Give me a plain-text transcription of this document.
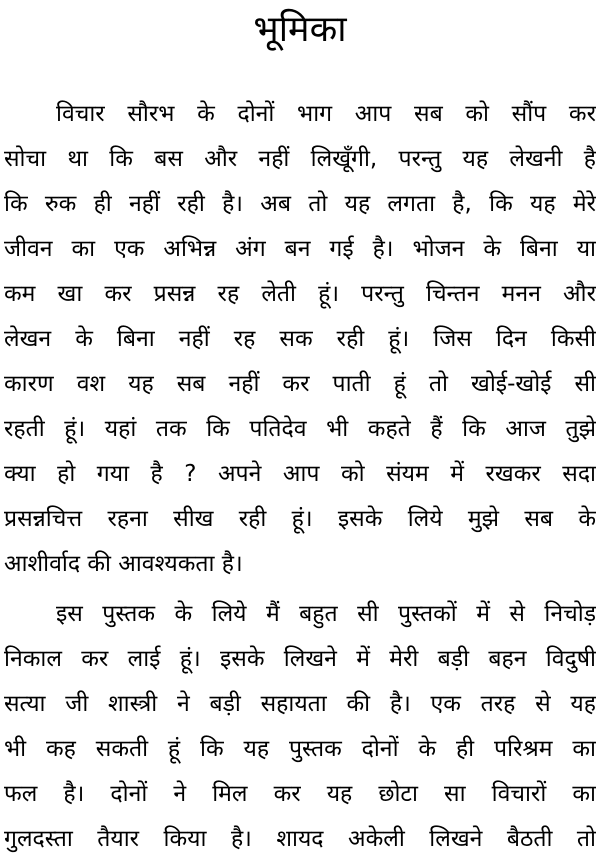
भूमिका
विचार सौरभ के दोनों भाग आप सब को सौंप कर
सोचा था कि बस और नहीं लिखूँगी, परन्तु यह लेखनी है
कि रुक ही नहीं रही है। अब तो यह लगता है, कि यह मेरे
जीवन का एक अभिन्न अंग बन गई है। भोजन के बिना या
कम खा कर प्रसन्न रह लेती हूं। परन्तु चिन्तन मनन और
लेखन के बिना नहीं रह सक रही हूं। जिस दिन किसी
कारण वश यह सब नहीं कर पाती हूं तो खोई-खोई सी
रहती हूं। यहां तक कि पतिदेव भी कहते हैं कि आज तुझे
क्या हो गया है ? अपने आप को संयम में रखकर सदा
प्रसन्नचित्त रहना सीख रही हूं। इसके लिये मुझे सब के
आशीर्वाद की आवश्यकता है।
इस पुस्तक के लिये मैं बहुत सी पुस्तकों में से निचोड़
निकाल कर लाई हूं। इसके लिखने में मेरी बड़ी बहन विदुषी
सत्या जी शास्त्री ने बड़ी सहायता की है। एक तरह से यह
भी कह सकती हूं कि यह पुस्तक दोनों के ही परिश्रम का
फल है। दोनों ने मिल कर यह छोटा सा विचारों का
गुलदस्ता तैयार किया है। शायद अकेली लिखने बैठती तो
